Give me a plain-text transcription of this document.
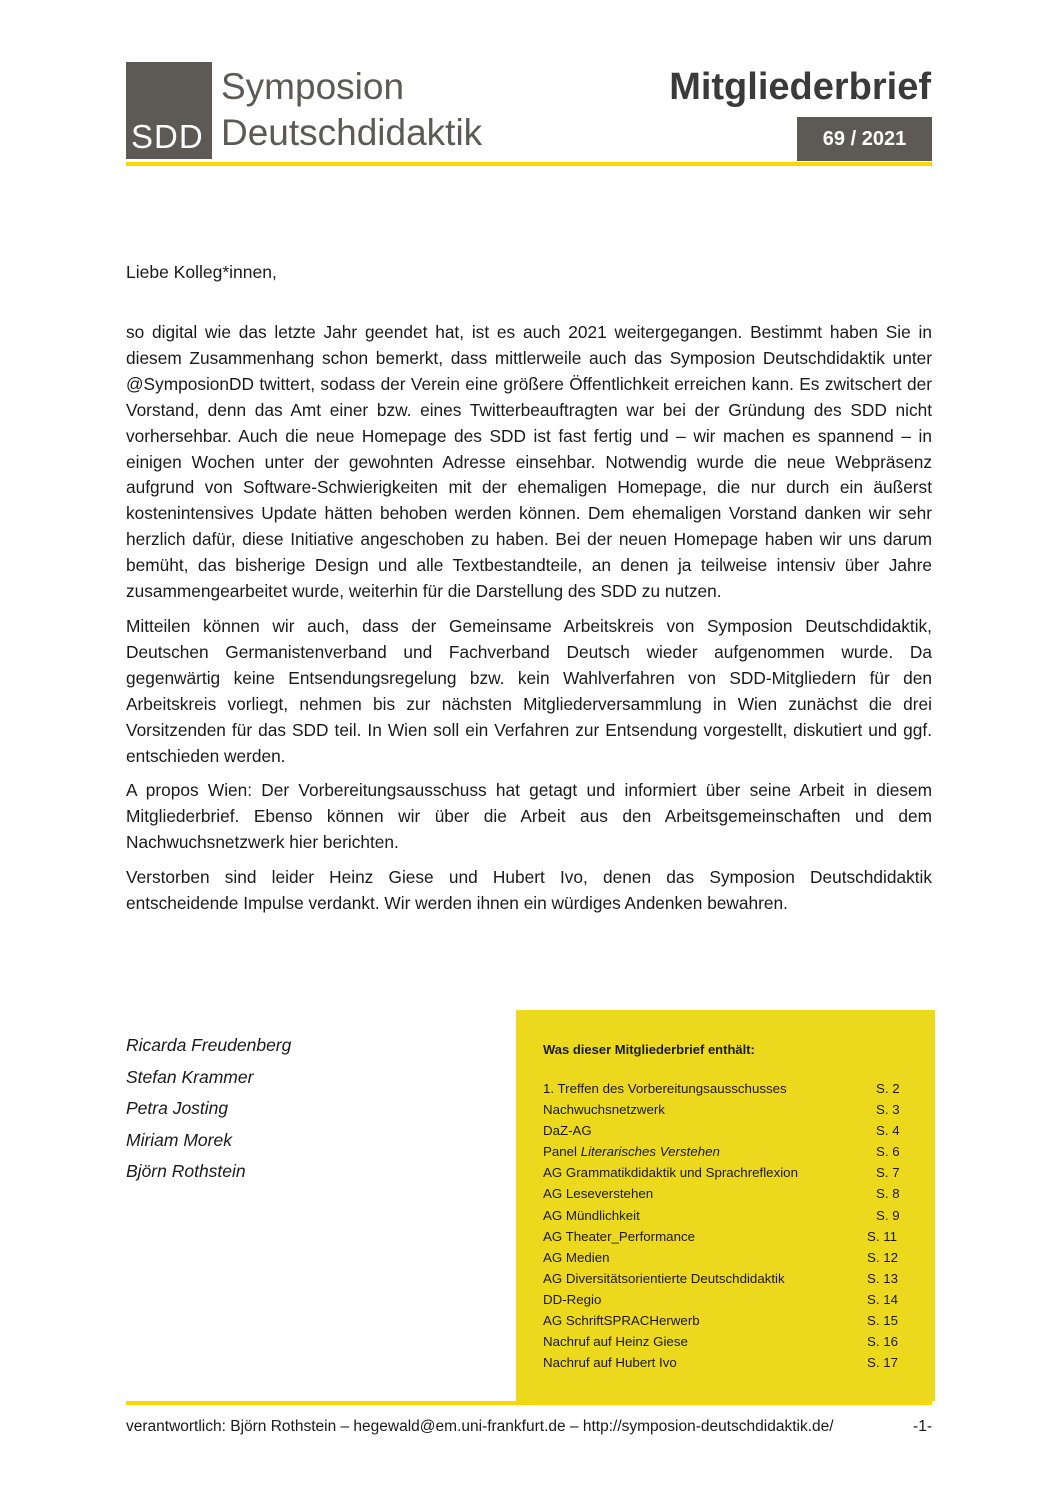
SDD
Symposion
Deutschdidaktik
Mitgliederbrief
69 / 2021
Liebe Kolleg*innen,

so digital wie das letzte Jahr geendet hat, ist es auch 2021 weitergegangen. Bestimmt haben Sie in diesem Zusammenhang schon bemerkt, dass mittlerweile auch das Symposion Deutschdidaktik unter @SymposionDD twittert, sodass der Verein eine größere Öffentlichkeit erreichen kann. Es zwitschert der Vorstand, denn das Amt einer bzw. eines Twitterbeauftragten war bei der Gründung des SDD nicht vorhersehbar. Auch die neue Homepage des SDD ist fast fertig und – wir machen es spannend – in einigen Wochen unter der gewohnten Adresse einsehbar. Notwendig wurde die neue Webpräsenz aufgrund von Software-Schwierigkeiten mit der ehemaligen Homepage, die nur durch ein äußerst kostenintensives Update hätten behoben werden können. Dem ehemaligen Vorstand danken wir sehr herzlich dafür, diese Initiative angeschoben zu haben. Bei der neuen Homepage haben wir uns darum bemüht, das bisherige Design und alle Textbestandteile, an denen ja teilweise intensiv über Jahre zusammengearbeitet wurde, weiterhin für die Darstellung des SDD zu nutzen.

Mitteilen können wir auch, dass der Gemeinsame Arbeitskreis von Symposion Deutschdidaktik, Deutschen Germanistenverband und Fachverband Deutsch wieder aufgenommen wurde. Da gegenwärtig keine Entsendungsregelung bzw. kein Wahlverfahren von SDD-Mitgliedern für den Arbeitskreis vorliegt, nehmen bis zur nächsten Mitgliederversammlung in Wien zunächst die drei Vorsitzenden für das SDD teil. In Wien soll ein Verfahren zur Entsendung vorgestellt, diskutiert und ggf. entschieden werden.

A propos Wien: Der Vorbereitungsausschuss hat getagt und informiert über seine Arbeit in diesem Mitgliederbrief. Ebenso können wir über die Arbeit aus den Arbeitsgemeinschaften und dem Nachwuchsnetzwerk hier berichten.

Verstorben sind leider Heinz Giese und Hubert Ivo, denen das Symposion Deutschdidaktik entscheidende Impulse verdankt. Wir werden ihnen ein würdiges Andenken bewahren.

Ricarda Freudenberg
Stefan Krammer
Petra Josting
Miriam Morek
Björn Rothstein
Was dieser Mitgliederbrief enthält:
1. Treffen des Vorbereitungsausschusses	S. 2
Nachwuchsnetzwerk	S. 3
DaZ-AG	S. 4
Panel Literarisches Verstehen	S. 6
AG Grammatikdidaktik und Sprachreflexion	S. 7
AG Leseverstehen	S. 8
AG Mündlichkeit	S. 9
AG Theater_Performance	S. 11
AG Medien	S. 12
AG Diversitätsorientierte Deutschdidaktik	S. 13
DD-Regio	S. 14
AG SchriftSPRACHerwerb	S. 15
Nachruf auf Heinz Giese	S. 16
Nachruf auf Hubert Ivo	S. 17
verantwortlich: Björn Rothstein – hegewald@em.uni-frankfurt.de – http://symposion-deutschdidaktik.de/	-1-
